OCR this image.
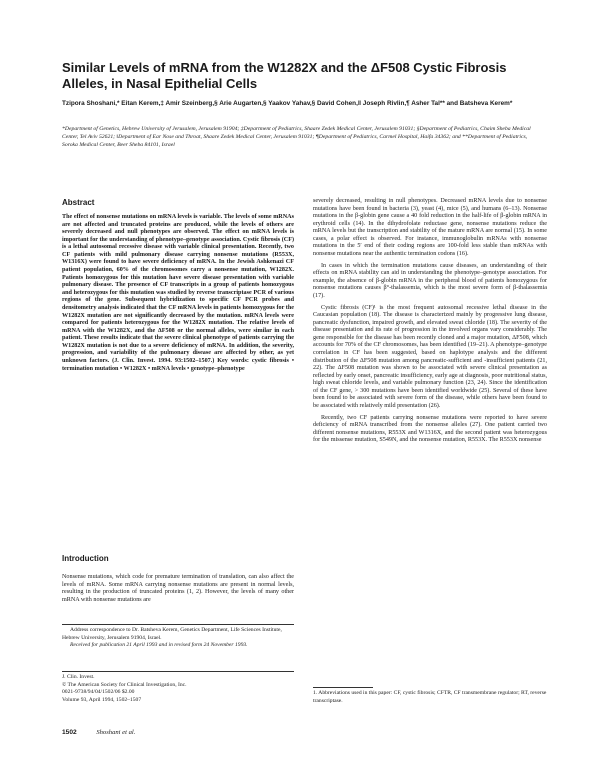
Similar Levels of mRNA from the W1282X and the ΔF508 Cystic Fibrosis Alleles, in Nasal Epithelial Cells

Tzipora Shoshani,* Eitan Kerem,‡ Amir Szeinberg,§ Arie Augarten,§ Yaakov Yahav,§ David Cohen,‖ Joseph Rivlin,¶ Asher Tal** and Batsheva Kerem*

*Department of Genetics, Hebrew University of Jerusalem, Jerusalem 91904; ‡Department of Pediatrics, Shaare Zedek Medical Center, Jerusalem 91031; §Department of Pediatrics, Chaim Sheba Medical Center, Tel Aviv 52621; ‖Department of Ear Nose and Throat, Shaare Zedek Medical Center, Jerusalem 91031; ¶Department of Pediatrics, Carmel Hospital, Haifa 34362; and **Department of Pediatrics, Soroka Medical Center, Beer Sheba 84101, Israel

Abstract

The effect of nonsense mutations on mRNA levels is variable. The levels of some mRNAs are not affected and truncated proteins are produced, while the levels of others are severely decreased and null phenotypes are observed. The effect on mRNA levels is important for the understanding of phenotype–genotype association. Cystic fibrosis (CF) is a lethal autosomal recessive disease with variable clinical presentation. Recently, two CF patients with mild pulmonary disease carrying nonsense mutations (R553X, W1316X) were found to have severe deficiency of mRNA. In the Jewish Ashkenazi CF patient population, 60% of the chromosomes carry a nonsense mutation, W1282X. Patients homozygous for this mutation have severe disease presentation with variable pulmonary disease. The presence of CF transcripts in a group of patients homozygous and heterozygous for this mutation was studied by reverse transcriptase PCR of various regions of the gene. Subsequent hybridization to specific CF PCR probes and densitometry analysis indicated that the CF mRNA levels in patients homozygous for the W1282X mutation are not significantly decreased by the mutation. mRNA levels were compared for patients heterozygous for the W1282X mutation. The relative levels of mRNA with the W1282X, and the ΔF508 or the normal alleles, were similar in each patient. These results indicate that the severe clinical phenotype of patients carrying the W1282X mutation is not due to a severe deficiency of mRNA. In addition, the severity, progression, and variability of the pulmonary disease are affected by other, as yet unknown factors. (J. Clin. Invest. 1994. 93:1502–1507.) Key words: cystic fibrosis • termination mutation • W1282X • mRNA levels • genotype–phenotype

Introduction

Nonsense mutations, which code for premature termination of translation, can also affect the levels of mRNA. Some mRNA carrying nonsense mutations are present in normal levels, resulting in the production of truncated proteins (1, 2). However, the levels of many other mRNA with nonsense mutations are

Address correspondence to Dr. Batsheva Kerem, Genetics Department, Life Sciences Institute, Hebrew University, Jerusalem 91904, Israel.
Received for publication 21 April 1993 and in revised form 24 November 1993.
J. Clin. Invest.
© The American Society for Clinical Investigation, Inc.
0021-9738/94/04/1502/06 $2.00
Volume 93, April 1994, 1502–1507

severely decreased, resulting in null phenotypes. Decreased mRNA levels due to nonsense mutations have been found in bacteria (3), yeast (4), mice (5), and humans (6–13). Nonsense mutations in the β-globin gene cause a 40 fold reduction in the half-life of β-globin mRNA in erythroid cells (14). In the dihydrofolate reductase gene, nonsense mutations reduce the mRNA levels but the transcription and stability of the mature mRNA are normal (15). In some cases, a polar effect is observed. For instance, immunoglobulin mRNAs with nonsense mutations in the 5′ end of their coding regions are 100-fold less stable than mRNAs with nonsense mutations near the authentic termination codons (16).

In cases in which the termination mutations cause diseases, an understanding of their effects on mRNA stability can aid in understanding the phenotype–genotype association. For example, the absence of β-globin mRNA in the peripheral blood of patients homozygous for nonsense mutations causes β°-thalassemia, which is the most severe form of β-thalassemia (17).

Cystic fibrosis (CF)¹ is the most frequent autosomal recessive lethal disease in the Caucasian population (18). The disease is characterized mainly by progressive lung disease, pancreatic dysfunction, impaired growth, and elevated sweat chloride (18). The severity of the disease presentation and its rate of progression in the involved organs vary considerably. The gene responsible for the disease has been recently cloned and a major mutation, ΔF508, which accounts for 70% of the CF chromosomes, has been identified (19–21). A phenotype–genotype correlation in CF has been suggested, based on haplotype analysis and the different distribution of the ΔF508 mutation among pancreatic-sufficient and -insufficient patients (21, 22). The ΔF508 mutation was shown to be associated with severe clinical presentation as reflected by early onset, pancreatic insufficiency, early age at diagnosis, poor nutritional status, high sweat chloride levels, and variable pulmonary function (23, 24). Since the identification of the CF gene, > 300 mutations have been identified worldwide (25). Several of these have been found to be associated with severe form of the disease, while others have been found to be associated with relatively mild presentation (26).

Recently, two CF patients carrying nonsense mutations were reported to have severe deficiency of mRNA transcribed from the nonsense alleles (27). One patient carried two different nonsense mutations, R553X and W1316X, and the second patient was heterozygous for the missense mutation, S549N, and the nonsense mutation, R553X. The R553X nonsense

1. Abbreviations used in this paper: CF, cystic fibrosis; CFTR, CF transmembrane regulator; RT, reverse transcriptase.

1502	Shoshani et al.
